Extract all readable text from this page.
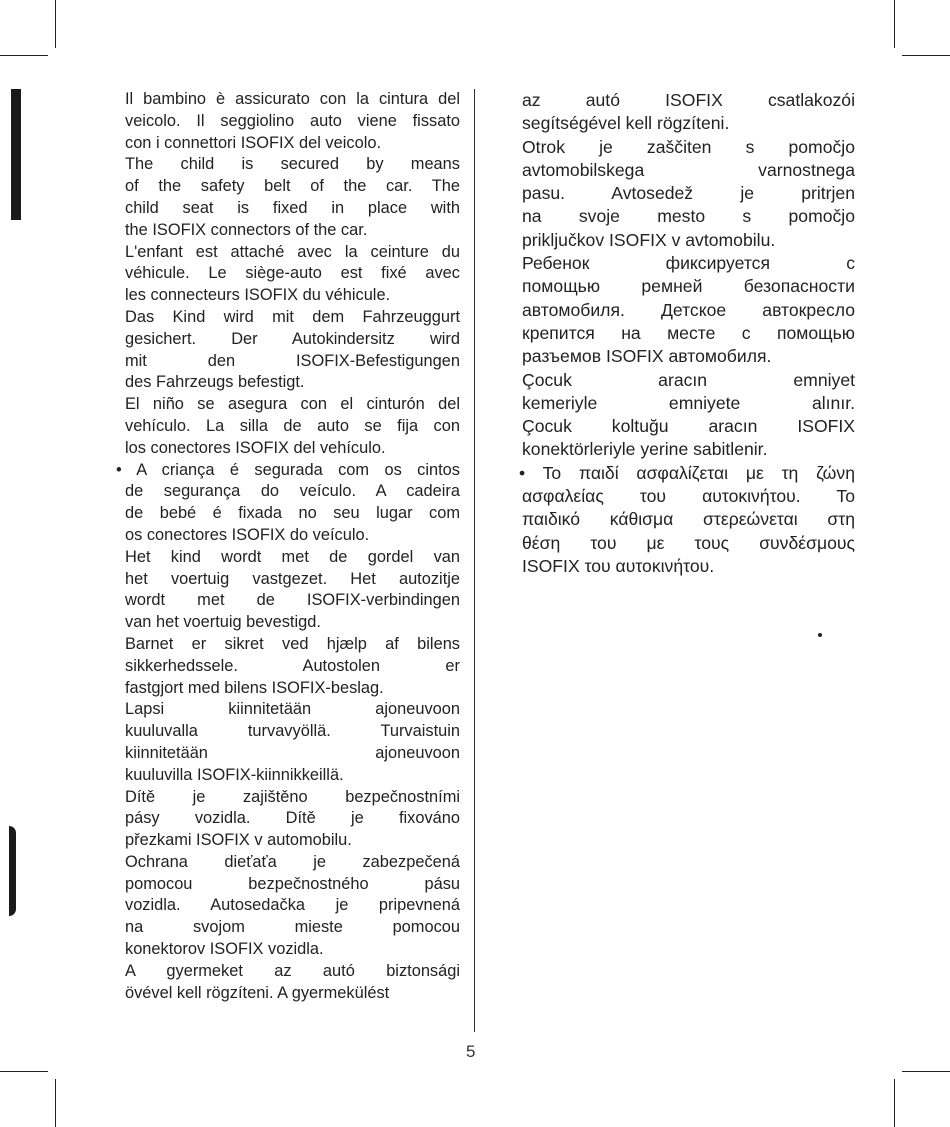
Il bambino è assicurato con la cintura del

veicolo. Il seggiolino auto viene fissato

con i connettori ISOFIX del veicolo.

The child is secured by means

of the safety belt of the car. The

child seat is fixed in place with

the ISOFIX connectors of the car.

L'enfant est attaché avec la ceinture du

véhicule. Le siège-auto est fixé avec

les connecteurs ISOFIX du véhicule.

Das Kind wird mit dem Fahrzeuggurt

gesichert. Der Autokindersitz wird

mit den ISOFIX-Befestigungen

des Fahrzeugs befestigt.

El niño se asegura con el cinturón del

vehículo. La silla de auto se fija con

los conectores ISOFIX del vehículo.

• A criança é segurada com os cintos

de segurança do veículo. A cadeira

de bebé é fixada no seu lugar com

os conectores ISOFIX do veículo.

Het kind wordt met de gordel van

het voertuig vastgezet. Het autozitje

wordt met de ISOFIX-verbindingen

van het voertuig bevestigd.

Barnet er sikret ved hjælp af bilens

sikkerhedssele. Autostolen er

fastgjort med bilens ISOFIX-beslag.

Lapsi kiinnitetään ajoneuvoon

kuuluvalla turvavyöllä. Turvaistuin

kiinnitetään ajoneuvoon

kuuluvilla ISOFIX-kiinnikkeillä.

Dítě je zajištěno bezpečnostními

pásy vozidla. Dítě je fixováno

přezkami ISOFIX v automobilu.

Ochrana dieťaťa je zabezpečená

pomocou bezpečnostného pásu

vozidla. Autosedačka je pripevnená

na svojom mieste pomocou

konektorov ISOFIX vozidla.

A gyermeket az autó biztonsági

övével kell rögzíteni. A gyermekülést

az autó ISOFIX csatlakozói

segítségével kell rögzíteni.

Otrok je zaščiten s pomočjo

avtomobilskega varnostnega

pasu. Avtosedež je pritrjen

na svoje mesto s pomočjo

priključkov ISOFIX v avtomobilu.

Ребенок фиксируется с

помощью ремней безопасности

автомобиля. Детское автокресло

крепится на месте с помощью

разъемов ISOFIX автомобиля.

Çocuk aracın emniyet

kemeriyle emniyete alınır.

Çocuk koltuğu aracın ISOFIX

konektörleriyle yerine sabitlenir.

• Το παιδί ασφαλίζεται με τη ζώνη

ασφαλείας του αυτοκινήτου. Το

παιδικό κάθισμα στερεώνεται στη

θέση του με τους συνδέσμους

ISOFIX του αυτοκινήτου.

5
